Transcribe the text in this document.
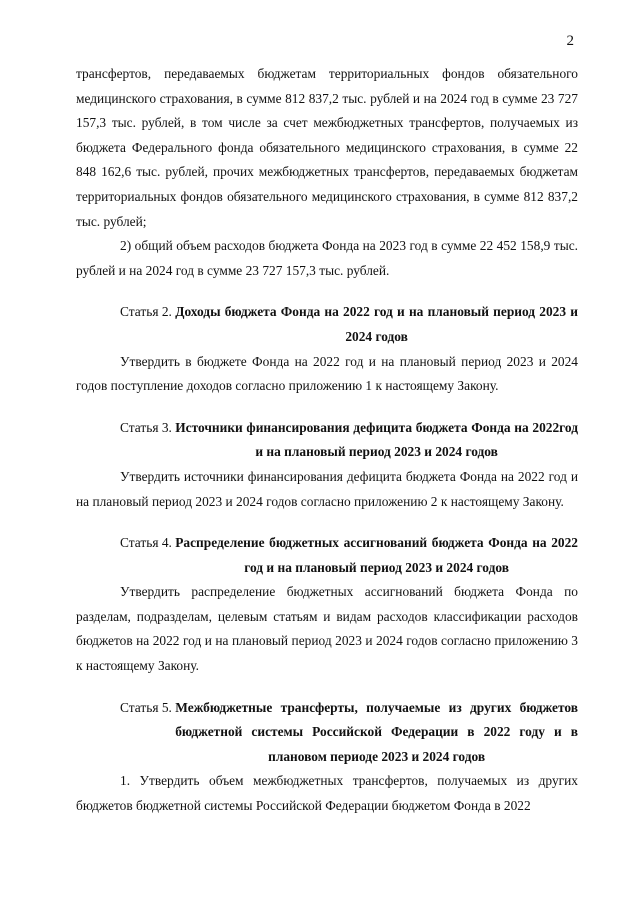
2

трансфертов, передаваемых бюджетам территориальных фондов обязательного медицинского страхования, в сумме 812 837,2 тыс. рублей и на 2024 год в сумме 23 727 157,3 тыс. рублей, в том числе за счет межбюджетных трансфертов, получаемых из бюджета Федерального фонда обязательного медицинского страхования, в сумме 22 848 162,6 тыс. рублей, прочих межбюджетных трансфертов, передаваемых бюджетам территориальных фондов обязательного медицинского страхования, в сумме 812 837,2 тыс. рублей;

2) общий объем расходов бюджета Фонда на 2023 год в сумме 22 452 158,9 тыс. рублей и на 2024 год в сумме 23 727 157,3 тыс. рублей.

Статья 2. Доходы бюджета Фонда на 2022 год и на плановый период 2023 и 2024 годов

Утвердить в бюджете Фонда на 2022 год и на плановый период 2023 и 2024 годов поступление доходов согласно приложению 1 к настоящему Закону.

Статья 3. Источники финансирования дефицита бюджета Фонда на 2022год и на плановый период 2023 и 2024 годов

Утвердить источники финансирования дефицита бюджета Фонда на 2022 год и на плановый период 2023 и 2024 годов согласно приложению 2 к настоящему Закону.

Статья 4. Распределение бюджетных ассигнований бюджета Фонда на 2022 год и на плановый период 2023 и 2024 годов

Утвердить распределение бюджетных ассигнований бюджета Фонда по разделам, подразделам, целевым статьям и видам расходов классификации расходов бюджетов на 2022 год и на плановый период 2023 и 2024 годов согласно приложению 3 к настоящему Закону.

Статья 5. Межбюджетные трансферты, получаемые из других бюджетов бюджетной системы Российской Федерации в 2022 году и в плановом периоде 2023 и 2024 годов

1. Утвердить объем межбюджетных трансфертов, получаемых из других бюджетов бюджетной системы Российской Федерации бюджетом Фонда в 2022
